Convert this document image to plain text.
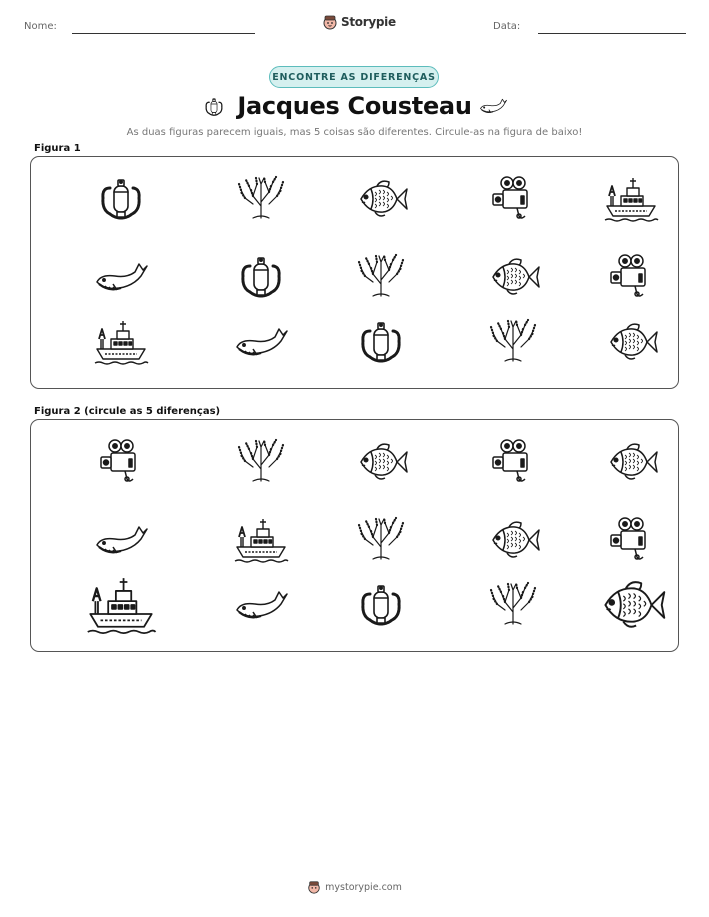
Nome:	Storypie	Data:
ENCONTRE AS DIFERENÇAS
Jacques Cousteau
As duas figuras parecem iguais, mas 5 coisas são diferentes. Circule-as na figura de baixo!
Figura 1
Figura 2 (circule as 5 diferenças)
mystorypie.com
